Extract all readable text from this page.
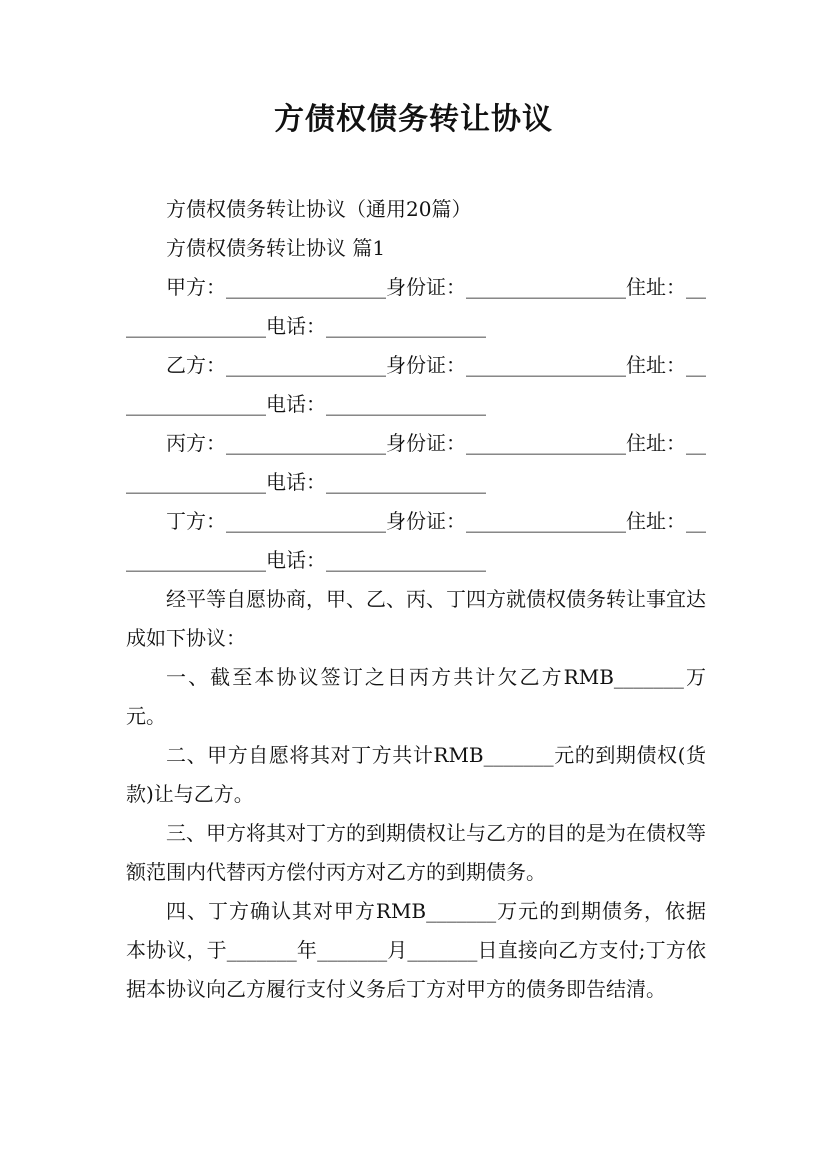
方债权债务转让协议

方债权债务转让协议（通用20篇）

方债权债务转让协议 篇1

甲方：________________身份证：________________住址：________________电话：________________

乙方：________________身份证：________________住址：________________电话：________________

丙方：________________身份证：________________住址：________________电话：________________

丁方：________________身份证：________________住址：________________电话：________________

经平等自愿协商，甲、乙、丙、丁四方就债权债务转让事宜达成如下协议：

一、截至本协议签订之日丙方共计欠乙方RMB_______万元。

二、甲方自愿将其对丁方共计RMB_______元的到期债权(货款)让与乙方。

三、甲方将其对丁方的到期债权让与乙方的目的是为在债权等额范围内代替丙方偿付丙方对乙方的到期债务。

四、丁方确认其对甲方RMB_______万元的到期债务，依据本协议，于_______年_______月_______日直接向乙方支付;丁方依据本协议向乙方履行支付义务后丁方对甲方的债务即告结清。
